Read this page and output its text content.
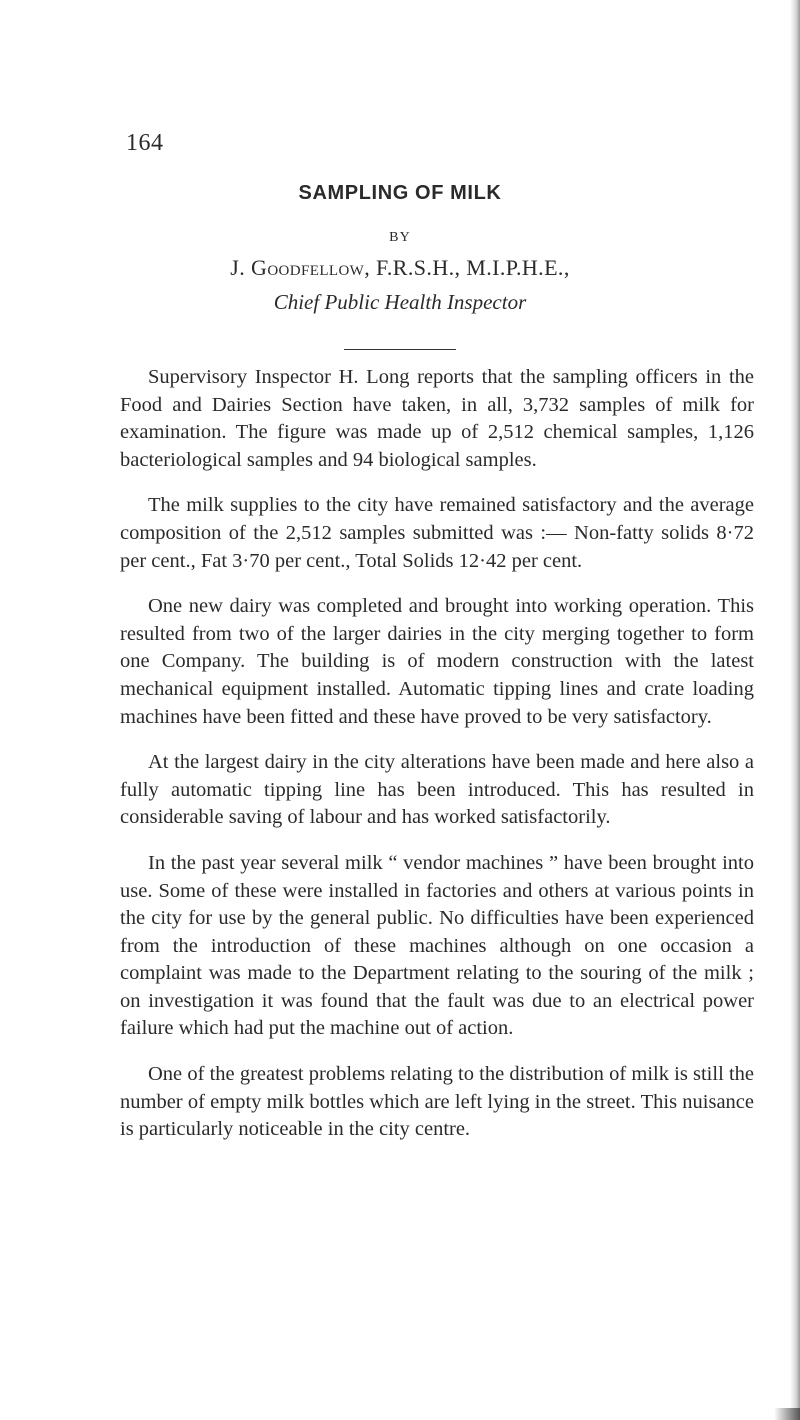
164
SAMPLING OF MILK
BY
J. Goodfellow, F.R.S.H., M.I.P.H.E.,
Chief Public Health Inspector

Supervisory Inspector H. Long reports that the sampling officers in the Food and Dairies Section have taken, in all, 3,732 samples of milk for examination. The figure was made up of 2,512 chemical samples, 1,126 bacteriological samples and 94 biological samples.

The milk supplies to the city have remained satisfactory and the average composition of the 2,512 samples submitted was :— Non-fatty solids 8·72 per cent., Fat 3·70 per cent., Total Solids 12·42 per cent.

One new dairy was completed and brought into working operation. This resulted from two of the larger dairies in the city merging together to form one Company. The building is of modern construction with the latest mechanical equipment installed. Automatic tipping lines and crate loading machines have been fitted and these have proved to be very satisfactory.

At the largest dairy in the city alterations have been made and here also a fully automatic tipping line has been introduced. This has resulted in considerable saving of labour and has worked satisfactorily.

In the past year several milk “ vendor machines ” have been brought into use. Some of these were installed in factories and others at various points in the city for use by the general public. No difficulties have been experienced from the introduction of these machines although on one occasion a complaint was made to the Department relating to the souring of the milk ; on investigation it was found that the fault was due to an electrical power failure which had put the machine out of action.

One of the greatest problems relating to the distribution of milk is still the number of empty milk bottles which are left lying in the street. This nuisance is particularly noticeable in the city centre.
